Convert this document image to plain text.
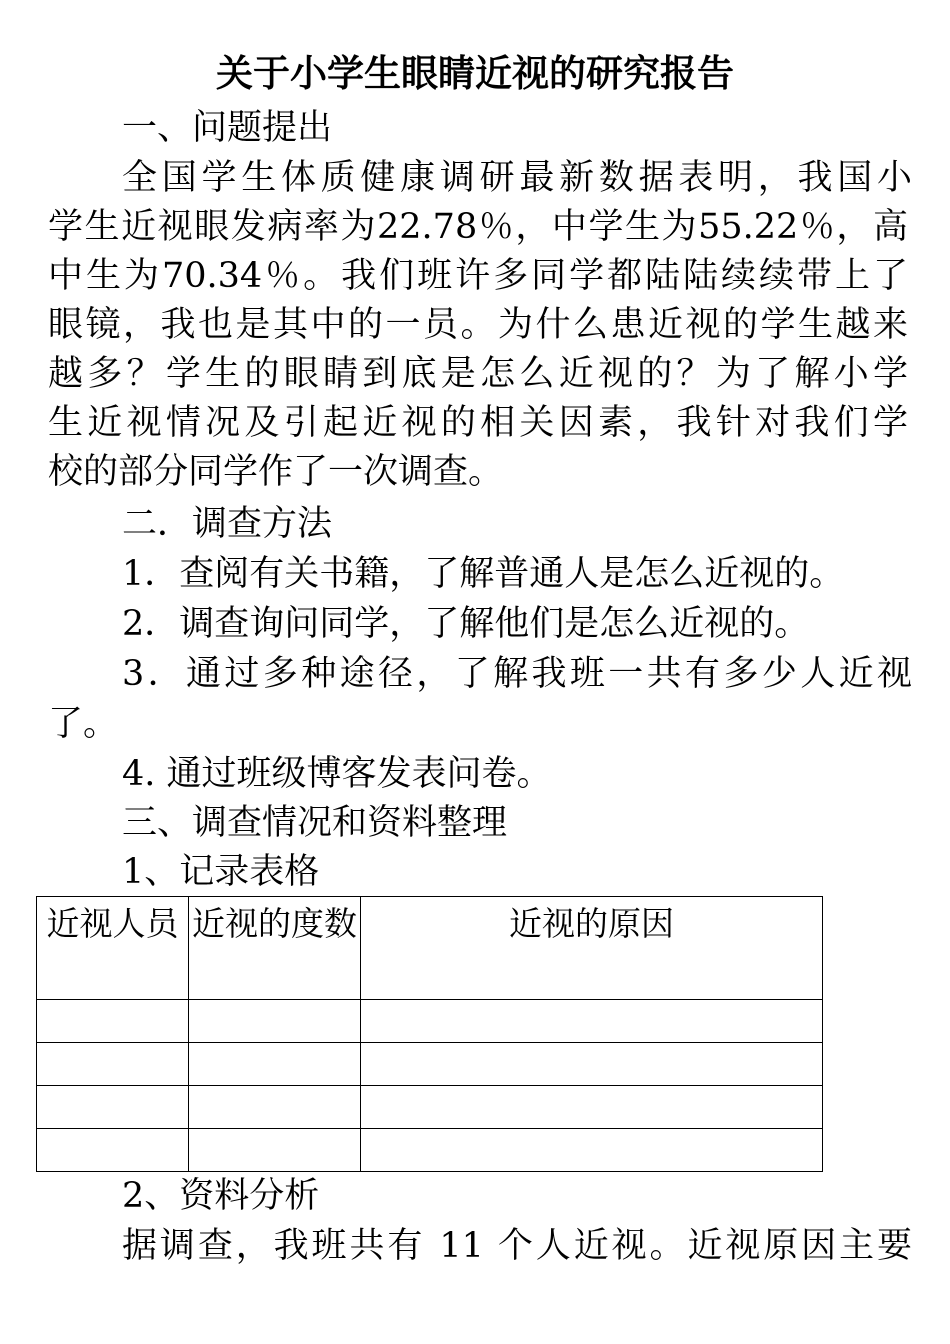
关于小学生眼睛近视的研究报告
一、问题提出
全国学生体质健康调研最新数据表明，我国小
学生近视眼发病率为22.78％，中学生为55.22％，高
中生为70.34％。我们班许多同学都陆陆续续带上了
眼镜，我也是其中的一员。为什么患近视的学生越来
越多？学生的眼睛到底是怎么近视的？为了解小学
生近视情况及引起近视的相关因素，我针对我们学
校的部分同学作了一次调查。
二．调查方法
1．查阅有关书籍，了解普通人是怎么近视的。
2．调查询问同学，了解他们是怎么近视的。
3．通过多种途径，了解我班一共有多少人近视
了。
4. 通过班级博客发表问卷。
三、调查情况和资料整理
1、记录表格
近视人员	近视的度数	近视的原因

2、资料分析
据调查，我班共有 11 个人近视。近视原因主要
